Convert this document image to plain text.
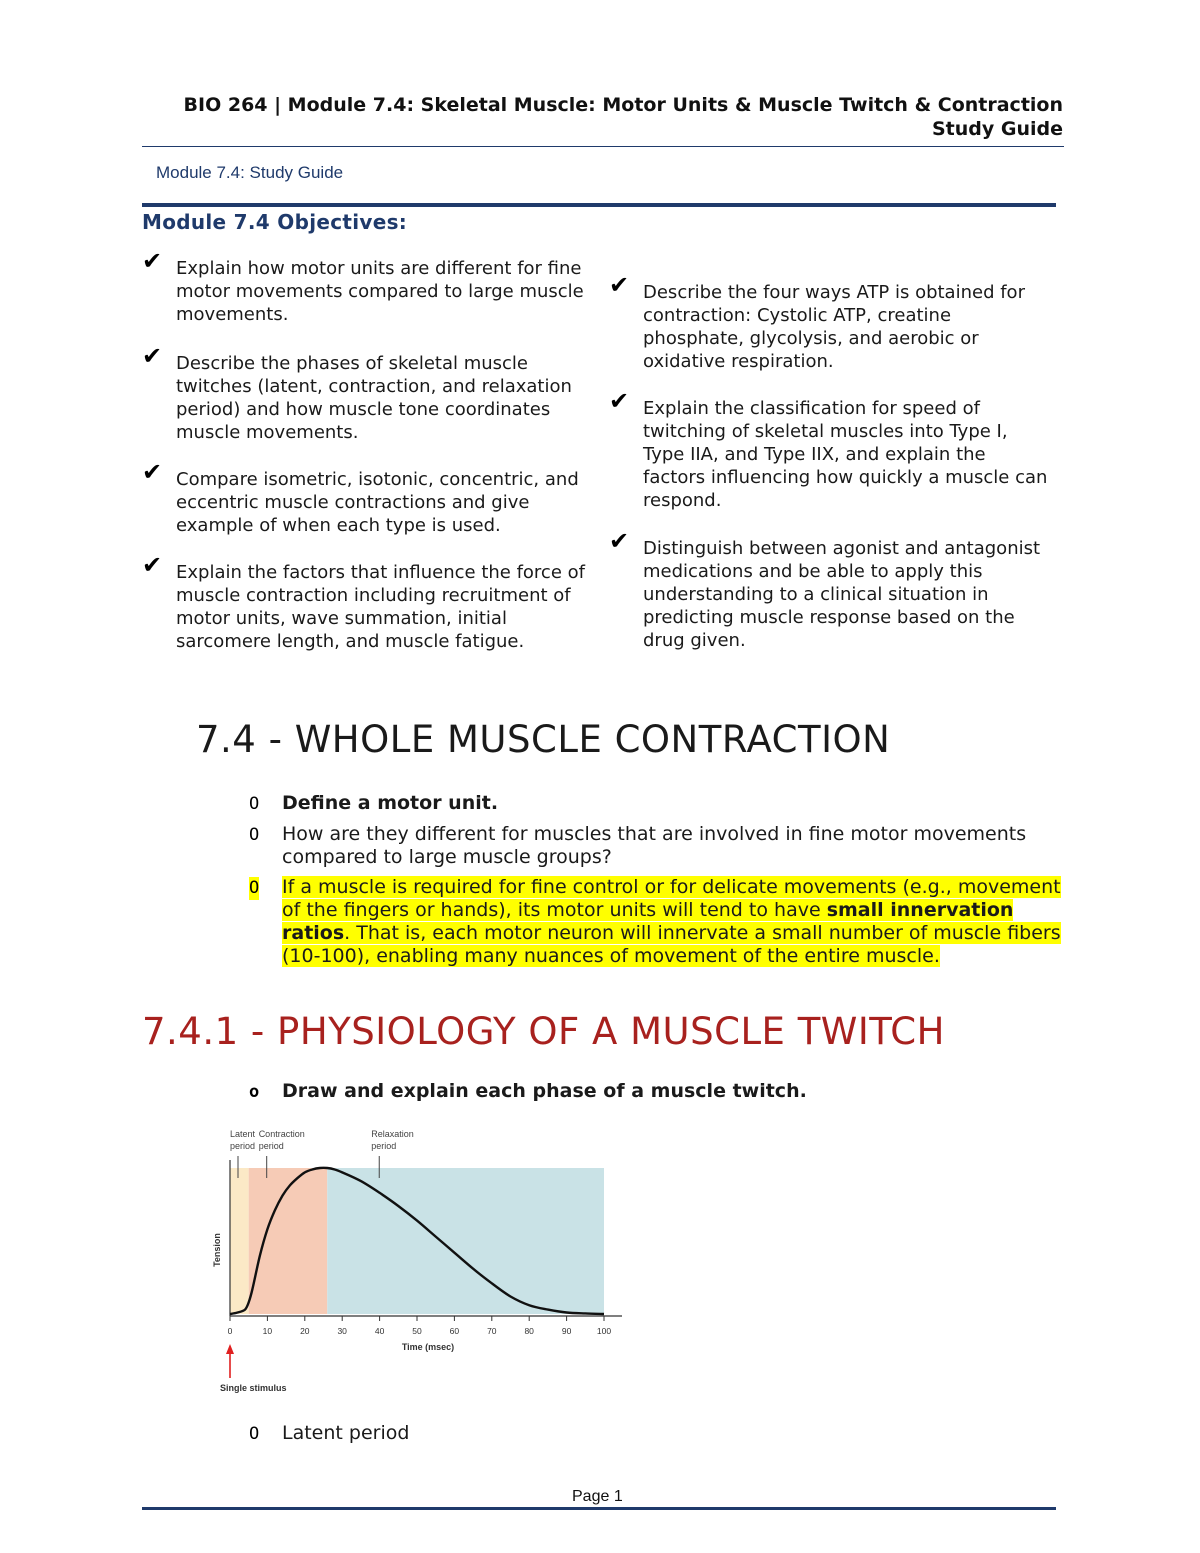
BIO 264 | Module 7.4: Skeletal Muscle: Motor Units & Muscle Twitch & Contraction
Study Guide
Module 7.4: Study Guide
Module 7.4 Objectives:
✔ Explain how motor units are different for fine motor movements compared to large muscle movements.
✔ Describe the phases of skeletal muscle twitches (latent, contraction, and relaxation period) and how muscle tone coordinates muscle movements.
✔ Compare isometric, isotonic, concentric, and eccentric muscle contractions and give example of when each type is used.
✔ Explain the factors that influence the force of muscle contraction including recruitment of motor units, wave summation, initial sarcomere length, and muscle fatigue.
✔ Describe the four ways ATP is obtained for contraction: Cystolic ATP, creatine phosphate, glycolysis, and aerobic or oxidative respiration.
✔ Explain the classification for speed of twitching of skeletal muscles into Type I, Type IIA, and Type IIX, and explain the factors influencing how quickly a muscle can respond.
✔ Distinguish between agonist and antagonist medications and be able to apply this understanding to a clinical situation in predicting muscle response based on the drug given.
7.4 - WHOLE MUSCLE CONTRACTION
O Define a motor unit.
O How are they different for muscles that are involved in fine motor movements compared to large muscle groups?
O If a muscle is required for fine control or for delicate movements (e.g., movement of the fingers or hands), its motor units will tend to have small innervation ratios. That is, each motor neuron will innervate a small number of muscle fibers (10-100), enabling many nuances of movement of the entire muscle.
7.4.1 - PHYSIOLOGY OF A MUSCLE TWITCH
o Draw and explain each phase of a muscle twitch.
Latent
period
Contraction
period
Relaxation
period
0	10	20	30	40	50	60	70	80	90	100
Tension
Time (msec)
Single stimulus
O Latent period
Page 1
